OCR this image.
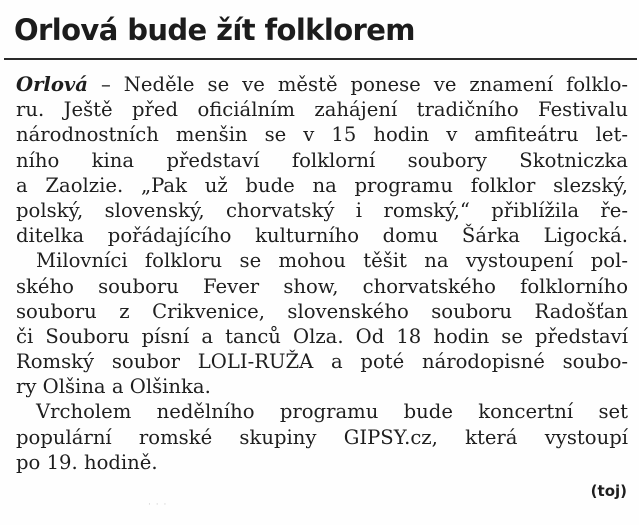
Orlová bude žít folklorem
Orlová – Neděle se ve městě ponese ve znamení folklo-
ru. Ještě před oficiálním zahájení tradičního Festivalu
národnostních menšin se v 15 hodin v amfiteátru let-
ního kina představí folklorní soubory Skotniczka
a Zaolzie. „Pak už bude na programu folklor slezský,
polský, slovenský, chorvatský i romský,“ přiblížila ře-
ditelka pořádajícího kulturního domu Šárka Ligocká.
Milovníci folkloru se mohou těšit na vystoupení pol-
ského souboru Fever show, chorvatského folklorního
souboru z Crikvenice, slovenského souboru Radošťan
či Souboru písní a tanců Olza. Od 18 hodin se představí
Romský soubor LOLI-RUŽA a poté národopisné soubo-
ry Olšina a Olšinka.
Vrcholem nedělního programu bude koncertní set
populární romské skupiny GIPSY.cz, která vystoupí
po 19. hodině.
(toj)
· · ·
